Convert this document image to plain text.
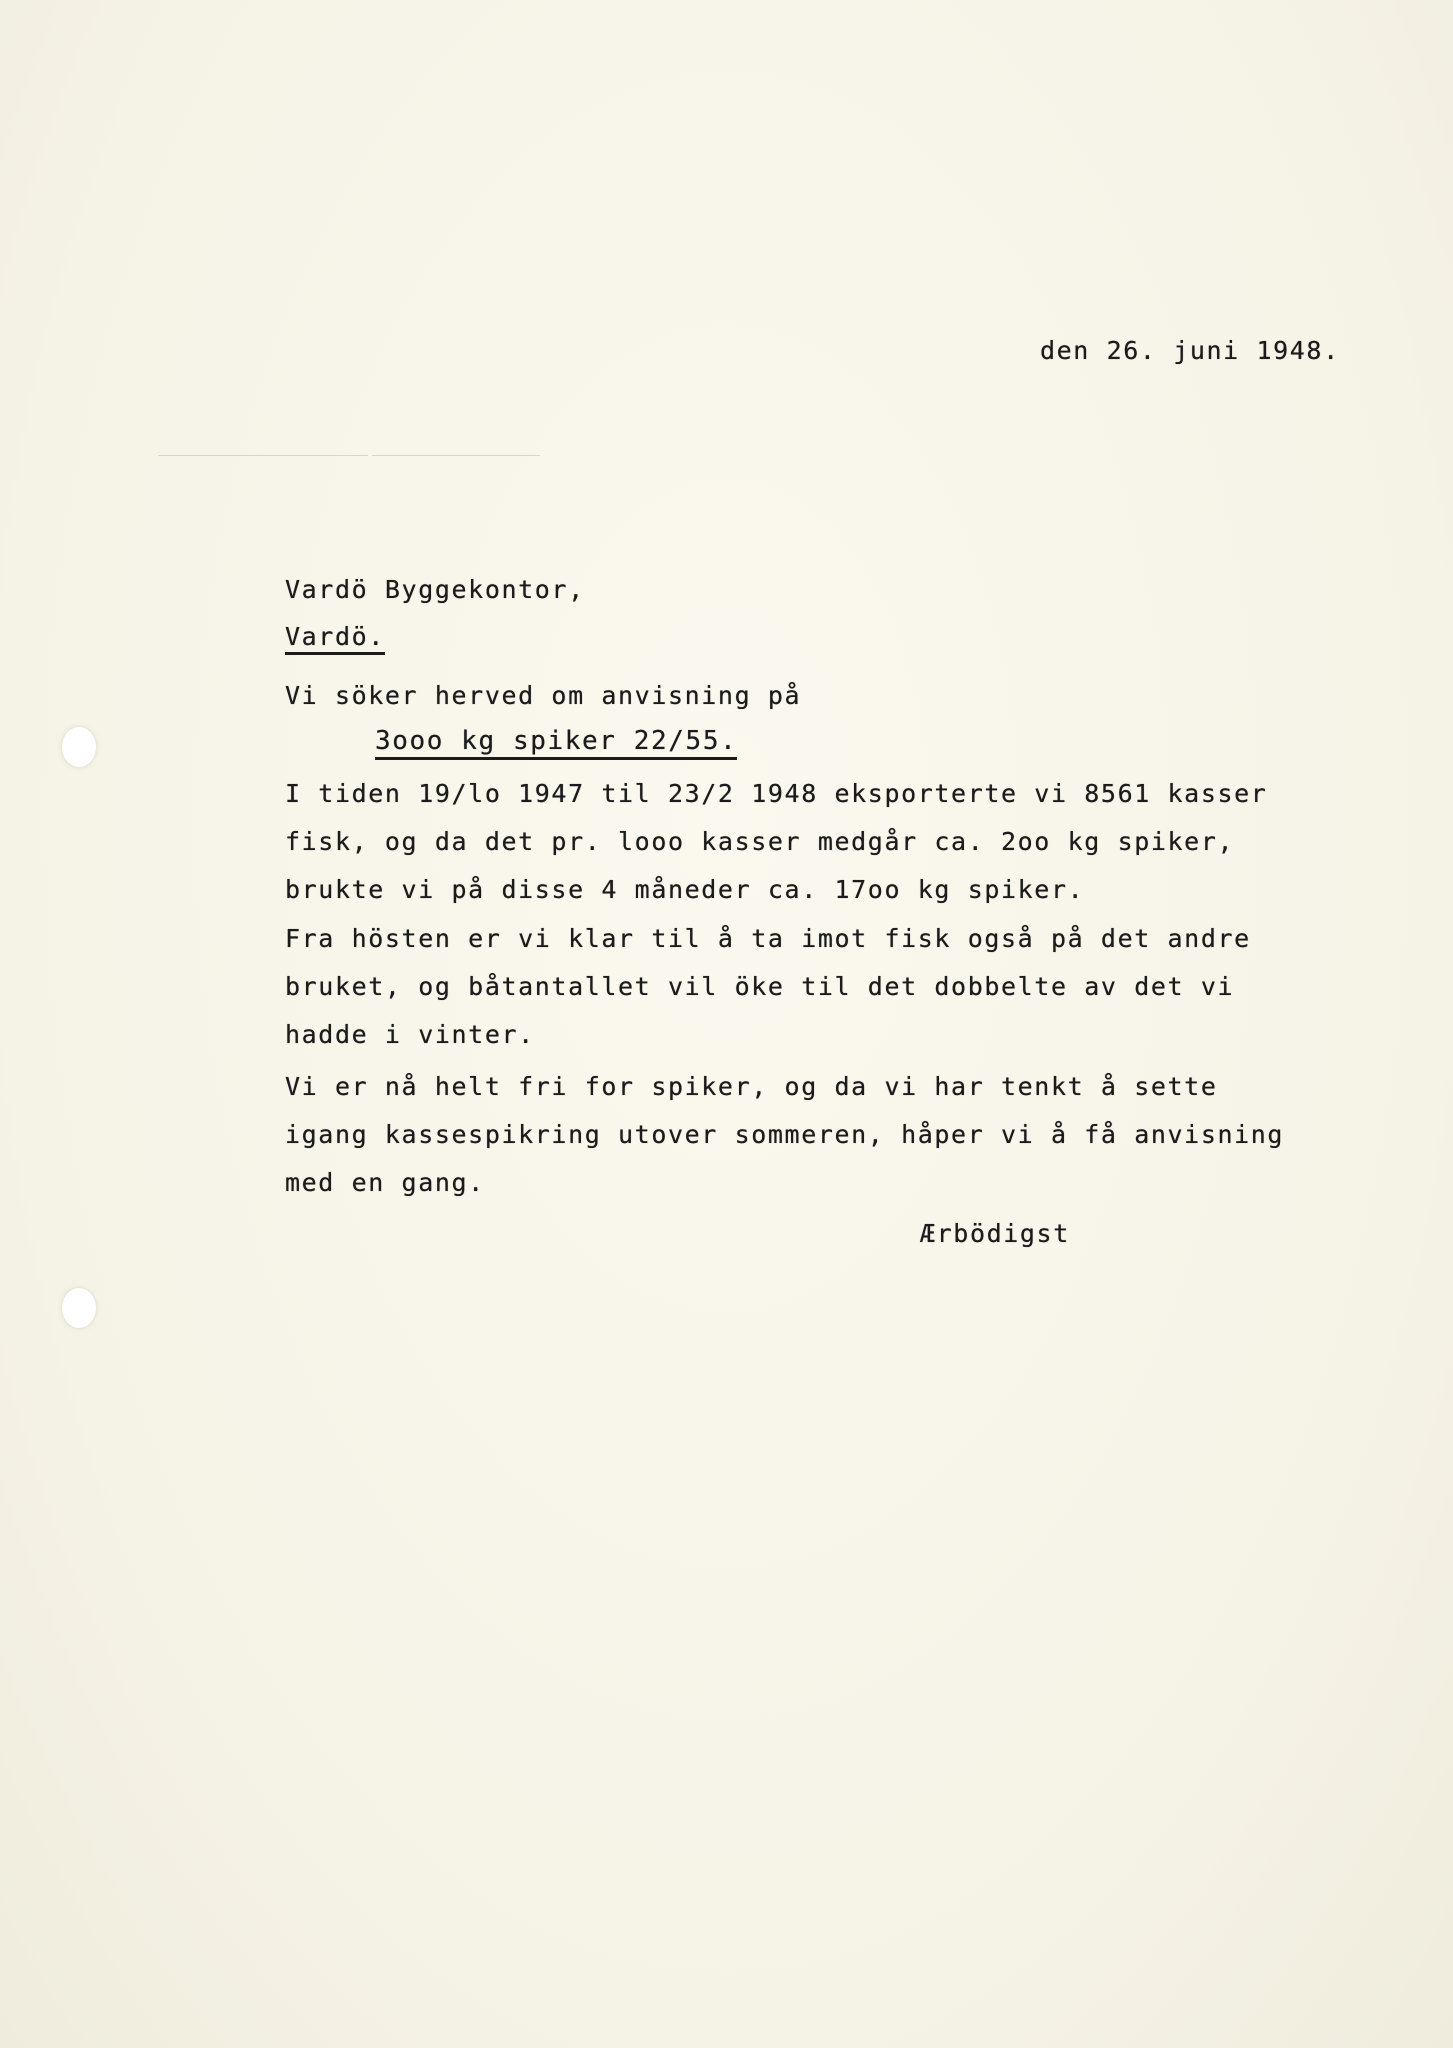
den 26. juni 1948.
Vardö Byggekontor,
Vardö.
Vi söker herved om anvisning på
3ooo kg spiker 22/55.
I tiden 19/lo 1947 til 23/2 1948 eksporterte vi 8561 kasser
fisk, og da det pr. looo kasser medgår ca. 2oo kg spiker,
brukte vi på disse 4 måneder ca. 17oo kg spiker.
Fra hösten er vi klar til å ta imot fisk også på det andre
bruket, og båtantallet vil öke til det dobbelte av det vi
hadde i vinter.
Vi er nå helt fri for spiker, og da vi har tenkt å sette
igang kassespikring utover sommeren, håper vi å få anvisning
med en gang.
Ærbödigst
